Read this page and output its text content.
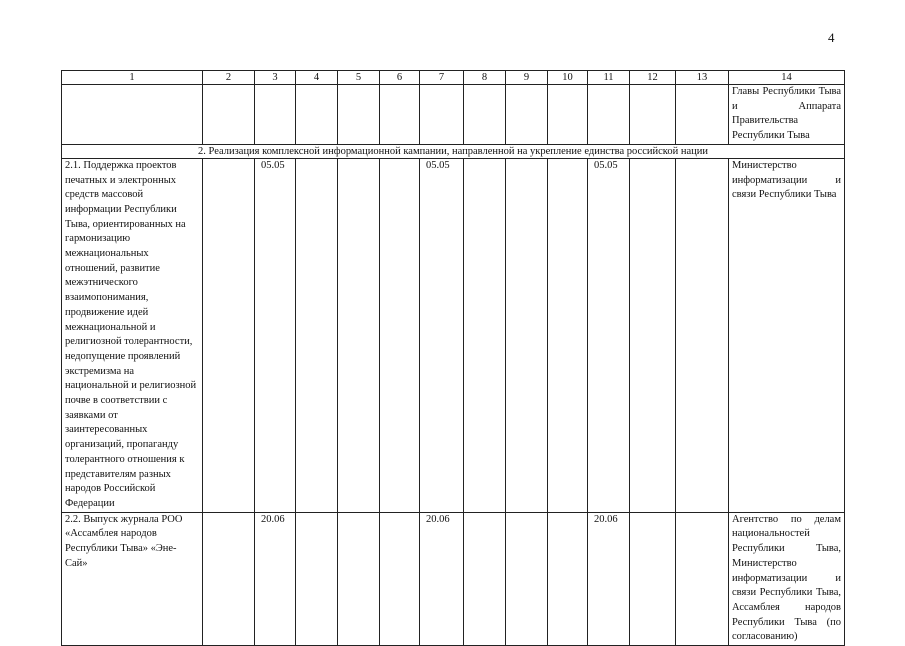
4
1	2	3	4	5	6	7	8	9	10	11	12	13	14
													Главы Республики Тыва и Аппарата Правительства Республики Тыва
2. Реализация комплексной информационной кампании, направленной на укрепление единства российской нации													
2.1. Поддержка проектов печатных и электронных средств массовой информации Республики Тыва, ориентированных на гармонизацию межнациональных отношений, развитие межэтнического взаимопонимания, продвижение идей межнациональной и религиозной толерантности, недопущение проявлений экстремизма на национальной и религиозной почве в соответствии с заявками от заинтересованных организаций, пропаганду толерантного отношения к представителям разных народов Российской Федерации		05.05				05.05				05.05			Министерство информатизации и связи Республики Тыва
2.2. Выпуск журнала РОО «Ассамблея народов Республики Тыва» «Эне-Сай»		20.06				20.06				20.06			Агентство по делам национальностей Республики Тыва, Министерство информатизации и связи Республики Тыва, Ассамблея народов Республики Тыва (по согласованию)
